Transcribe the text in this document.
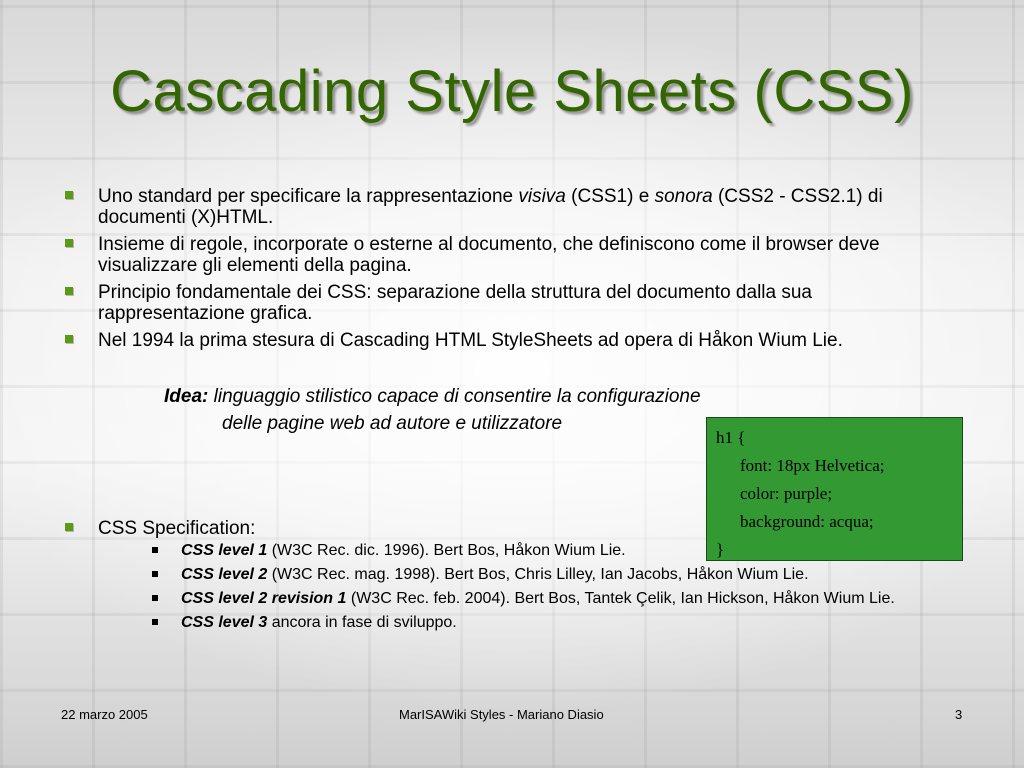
Cascading Style Sheets (CSS)
Uno standard per specificare la rappresentazione visiva (CSS1) e sonora (CSS2 - CSS2.1) di documenti (X)HTML.
Insieme di regole, incorporate o esterne al documento, che definiscono come il browser deve visualizzare gli elementi della pagina.
Principio fondamentale dei CSS: separazione della struttura del documento dalla sua rappresentazione grafica.
Nel 1994 la prima stesura di Cascading HTML StyleSheets ad opera di Håkon Wium Lie.
Idea: linguaggio stilistico capace di consentire la configurazione
delle pagine web ad autore e utilizzatore
CSS Specification:
CSS level 1 (W3C Rec. dic. 1996). Bert Bos, Håkon Wium Lie.
CSS level 2 (W3C Rec. mag. 1998). Bert Bos, Chris Lilley, Ian Jacobs, Håkon Wium Lie.
CSS level 2 revision 1 (W3C Rec. feb. 2004). Bert Bos, Tantek Çelik, Ian Hickson, Håkon Wium Lie.
CSS level 3 ancora in fase di sviluppo.
h1 {
font: 18px Helvetica;
color: purple;
background: acqua;
}
22 marzo 2005	MarISAWiki Styles - Mariano Diasio	3
